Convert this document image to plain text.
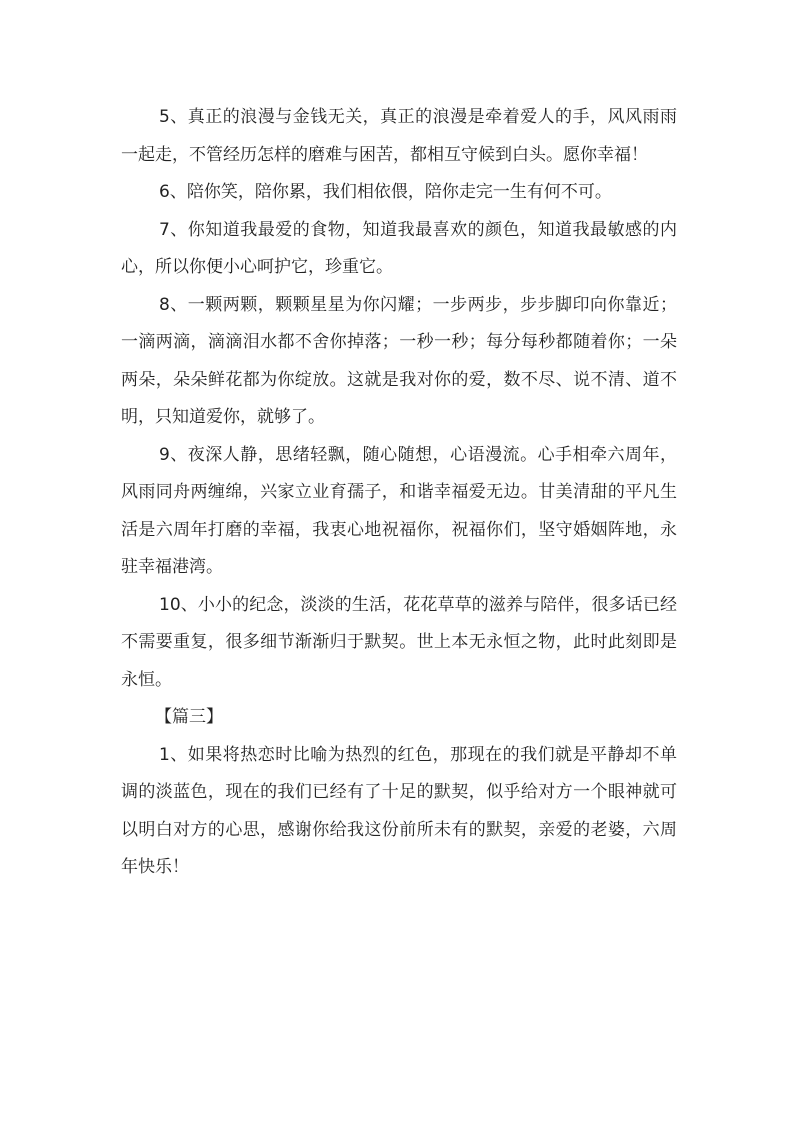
5、真正的浪漫与金钱无关，真正的浪漫是牵着爱人的手，风风雨雨一起走，不管经历怎样的磨难与困苦，都相互守候到白头。愿你幸福！

6、陪你笑，陪你累，我们相依偎，陪你走完一生有何不可。

7、你知道我最爱的食物，知道我最喜欢的颜色，知道我最敏感的内心，所以你便小心呵护它，珍重它。

8、一颗两颗，颗颗星星为你闪耀；一步两步，步步脚印向你靠近；一滴两滴，滴滴泪水都不舍你掉落；一秒一秒；每分每秒都随着你；一朵两朵，朵朵鲜花都为你绽放。这就是我对你的爱，数不尽、说不清、道不明，只知道爱你，就够了。

9、夜深人静，思绪轻飘，随心随想，心语漫流。心手相牵六周年，风雨同舟两缠绵，兴家立业育孺子，和谐幸福爱无边。甘美清甜的平凡生活是六周年打磨的幸福，我衷心地祝福你，祝福你们，坚守婚姻阵地，永驻幸福港湾。

10、小小的纪念，淡淡的生活，花花草草的滋养与陪伴，很多话已经不需要重复，很多细节渐渐归于默契。世上本无永恒之物，此时此刻即是永恒。

【篇三】

1、如果将热恋时比喻为热烈的红色，那现在的我们就是平静却不单调的淡蓝色，现在的我们已经有了十足的默契，似乎给对方一个眼神就可以明白对方的心思，感谢你给我这份前所未有的默契，亲爱的老婆，六周年快乐！
